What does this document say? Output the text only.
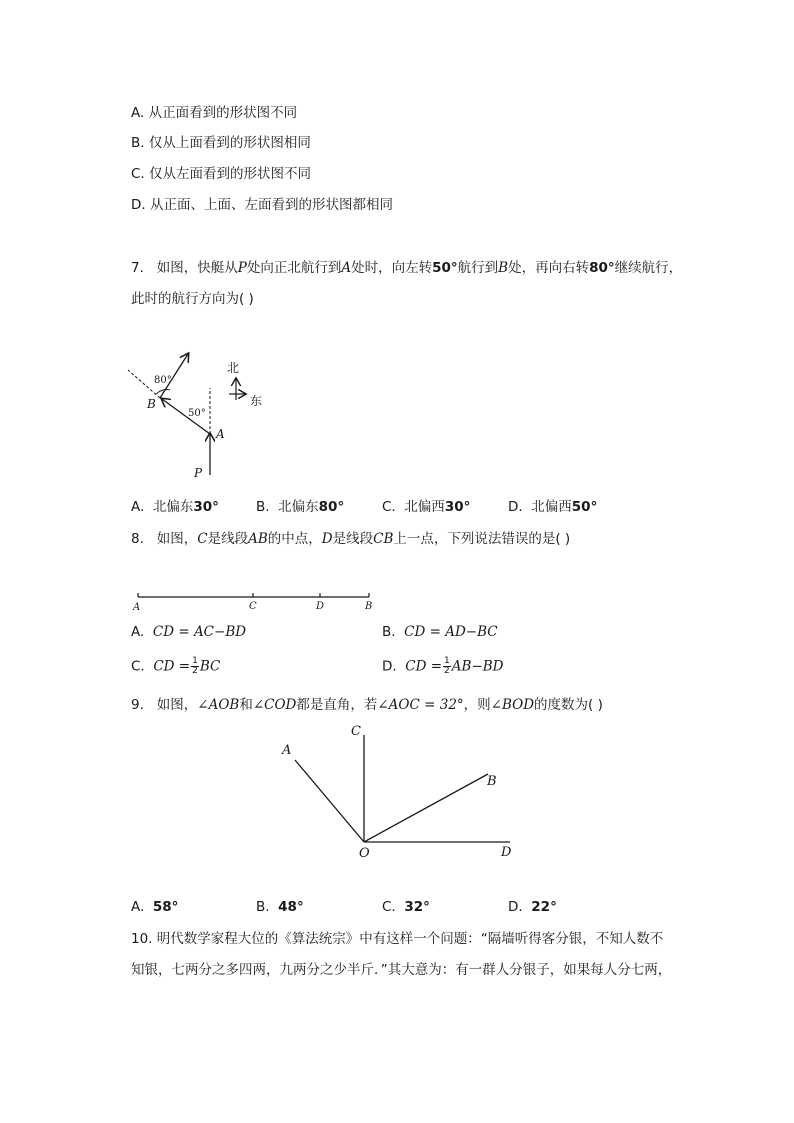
A. 从正面看到的形状图不同
B. 仅从上面看到的形状图相同
C. 仅从左面看到的形状图不同
D. 从正面、上面、左面看到的形状图都相同
7. 如图，快艇从P处向正北航行到A处时，向左转50°航行到B处，再向右转80°继续航行，
此时的航行方向为( )
80°
50°
B
A
P
北
东
A. 北偏东30°	B. 北偏东80°	C. 北偏西30°	D. 北偏西50°
8. 如图，C是线段AB的中点，D是线段CB上一点，下列说法错误的是( )
A	C	D	B
A. CD = AC−BD	B. CD = AD−BC
C. CD = $\frac{1}{2}$ BC	D. CD = $\frac{1}{2} AB-BD$
9. 如图，∠AOB和∠COD都是直角，若∠AOC = 32°，则∠BOD的度数为( )
A
C
B
O	D
A. 58°	B. 48°	C. 32°	D. 22°
10. 明代数学家程大位的《算法统宗》中有这样一个问题：“隔墙听得客分银，不知人数不
知银，七两分之多四两，九两分之少半斤．”其大意为：有一群人分银子，如果每人分七两，
